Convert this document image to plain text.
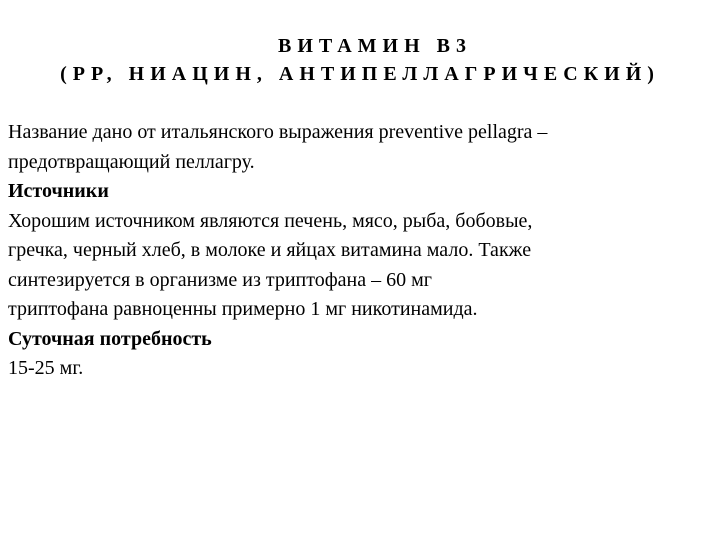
ВИТАМИН В3
(РР, НИАЦИН, АНТИПЕЛЛАГРИЧЕСКИЙ)
Название дано от итальянского выражения preventive pellagra –
предотвращающий пеллагру.
Источники
Хорошим источником являются печень, мясо, рыба, бобовые,
гречка, черный хлеб, в молоке и яйцах витамина мало. Также
синтезируется в организме из триптофана – 60 мг
триптофана равноценны примерно 1 мг никотинамида.
Суточная потребность
15-25 мг.
